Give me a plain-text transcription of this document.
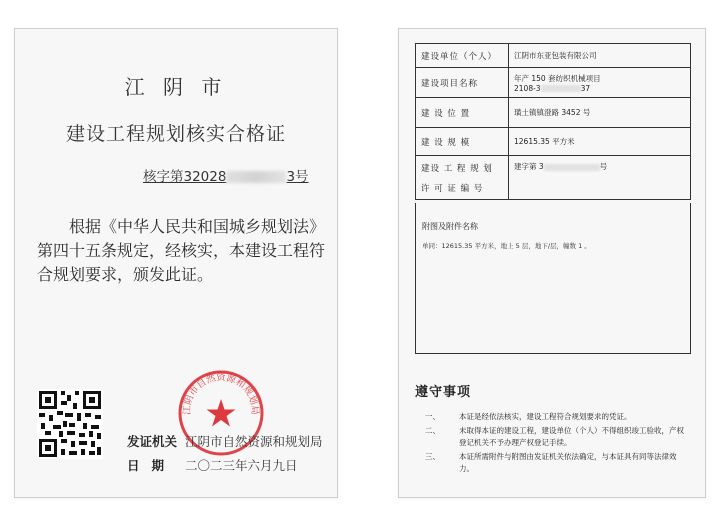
江 阴 市
建设工程规划核实合格证
核字第32028	3号
根据《中华人民共和国城乡规划法》第四十五条规定，经核实，本建设工程符合规划要求，颁发此证。
江阴市自然资源和规划局
发证机关 江阴市自然资源和规划局
日期 二〇二三年六月九日
建设单位（个人）	江阴市东亚包装有限公司
建设项目名称	年产 150 套纺织机械项目
2108-3 37

建 设 位 置	璜土镇镇澄路 3452 号
建 设 规 模	12615.35 平方米

建设 工 程 规 划
许 可 证 编 号	建字第 3 号
附图及附件名称
单同：12615.35 平方米，地上 5 层，地下/层，幢数 1 。
遵守事项
一、	本证是经依法核实，建设工程符合规划要求的凭证。
二、	未取得本证的建设工程，建设单位（个人）不得组织竣工验收，产权登记机关不予办理产权登记手续。
三、	本证所需附件与附图由发证机关依法确定，与本证具有同等法律效力。
